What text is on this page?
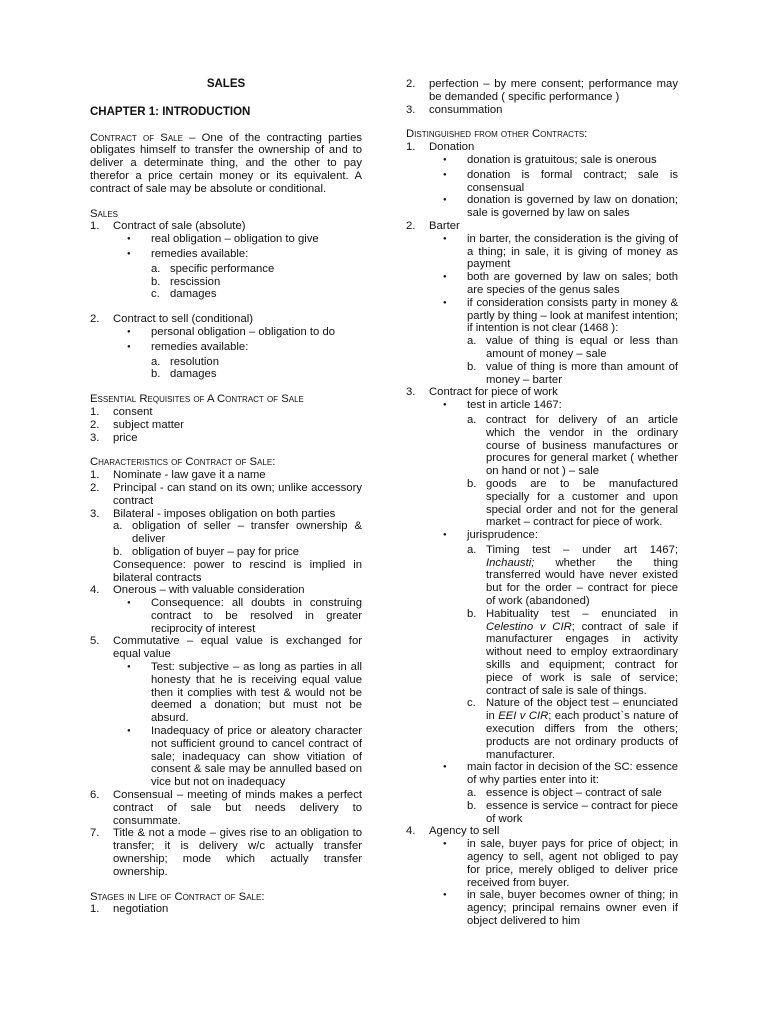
SALES
CHAPTER 1: INTRODUCTION

Contract of Sale – One of the contracting parties obligates himself to transfer the ownership of and to deliver a determinate thing, and the other to pay therefor a price certain money or its equivalent. A contract of sale may be absolute or conditional.

Sales
1.	Contract of sale (absolute)
●
real obligation – obligation to give
●
remedies available:
a. specific performance
b. rescission
c. damages
2.	Contract to sell (conditional)
●
personal obligation – obligation to do
●
remedies available:
a. resolution
b. damages
Essential Requisites of A Contract of Sale
1.	consent
2.	subject matter
3.	price
Characteristics of Contract of Sale:
1.	Nominate - law gave it a name
2.	Principal - can stand on its own; unlike accessory contract
3.	Bilateral - imposes obligation on both parties
a. obligation of seller – transfer ownership & deliver
b. obligation of buyer – pay for price
Consequence: power to rescind is implied in bilateral contracts
4.	Onerous – with valuable consideration
●
Consequence: all doubts in construing contract to be resolved in greater reciprocity of interest
5.	Commutative – equal value is exchanged for equal value
●
Test: subjective – as long as parties in all honesty that he is receiving equal value then it complies with test & would not be deemed a donation; but must not be absurd.
●
Inadequacy of price or aleatory character not sufficient ground to cancel contract of sale; inadequacy can show vitiation of consent & sale may be annulled based on vice but not on inadequacy
6.	Consensual – meeting of minds makes a perfect contract of sale but needs delivery to consummate.
7.	Title & not a mode – gives rise to an obligation to transfer; it is delivery w/c actually transfer ownership; mode which actually transfer ownership.
Stages in Life of Contract of Sale:
1.	negotiation
2.	perfection – by mere consent; performance may be demanded ( specific performance )
3.	consummation
Distinguished from other Contracts:
1.	Donation
●
donation is gratuitous; sale is onerous
●
donation is formal contract; sale is consensual
●
donation is governed by law on donation; sale is governed by law on sales
2.	Barter
●
in barter, the consideration is the giving of a thing; in sale, it is giving of money as payment
●
both are governed by law on sales; both are species of the genus sales
●
if consideration consists party in money & partly by thing – look at manifest intention; if intention is not clear (1468 ):
a. value of thing is equal or less than amount of money – sale
b. value of thing is more than amount of money – barter
3.	Contract for piece of work
●
test in article 1467:
a. contract for delivery of an article which the vendor in the ordinary course of business manufactures or procures for general market ( whether on hand or not ) – sale
b. goods are to be manufactured specially for a customer and upon special order and not for the general market – contract for piece of work.
●
jurisprudence:
a. Timing test – under art 1467; Inchausti; whether the thing transferred would have never existed but for the order – contract for piece of work (abandoned)
b. Habituality test – enunciated in Celestino v CIR; contract of sale if manufacturer engages in activity without need to employ extraordinary skills and equipment; contract for piece of work is sale of service; contract of sale is sale of things.
c. Nature of the object test – enunciated in EEI v CIR; each product`s nature of execution differs from the others; products are not ordinary products of manufacturer.
●
main factor in decision of the SC: essence of why parties enter into it:
a. essence is object – contract of sale
b. essence is service – contract for piece of work
4.	Agency to sell
●
in sale, buyer pays for price of object; in agency to sell, agent not obliged to pay for price, merely obliged to deliver price received from buyer.
●
in sale, buyer becomes owner of thing; in agency; principal remains owner even if object delivered to him
